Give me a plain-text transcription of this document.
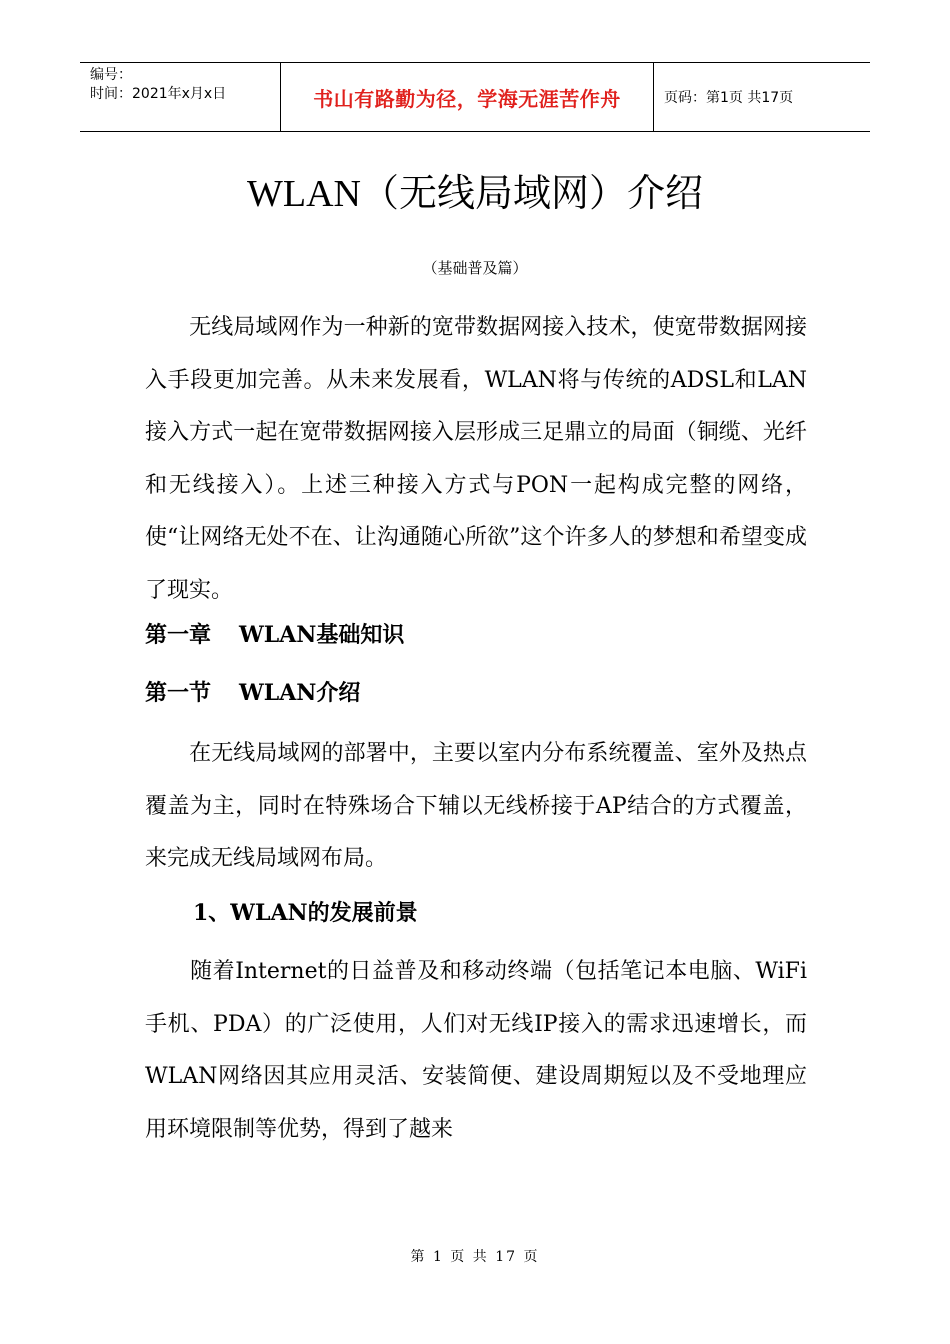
编号：
时间：2021年x月x日	书山有路勤为径，学海无涯苦作舟	页码：第1页 共17页
WLAN（无线局域网）介绍
（基础普及篇）

　　无线局域网作为一种新的宽带数据网接入技术，使宽带数据网接入手段更加完善。从未来发展看，WLAN将与传统的ADSL和LAN接入方式一起在宽带数据网接入层形成三足鼎立的局面（铜缆、光纤和无线接入）。上述三种接入方式与PON一起构成完整的网络，使“让网络无处不在、让沟通随心所欲”这个许多人的梦想和希望变成了现实。

第一章 WLAN基础知识
第一节 WLAN介绍

　　在无线局域网的部署中，主要以室内分布系统覆盖、室外及热点覆盖为主，同时在特殊场合下辅以无线桥接于AP结合的方式覆盖，来完成无线局域网布局。

1、WLAN的发展前景

　　随着Internet的日益普及和移动终端（包括笔记本电脑、WiFi手机、PDA）的广泛使用，人们对无线IP接入的需求迅速增长，而WLAN网络因其应用灵活、安装简便、建设周期短以及不受地理应用环境限制等优势，得到了越来

第 1 页 共 17 页
